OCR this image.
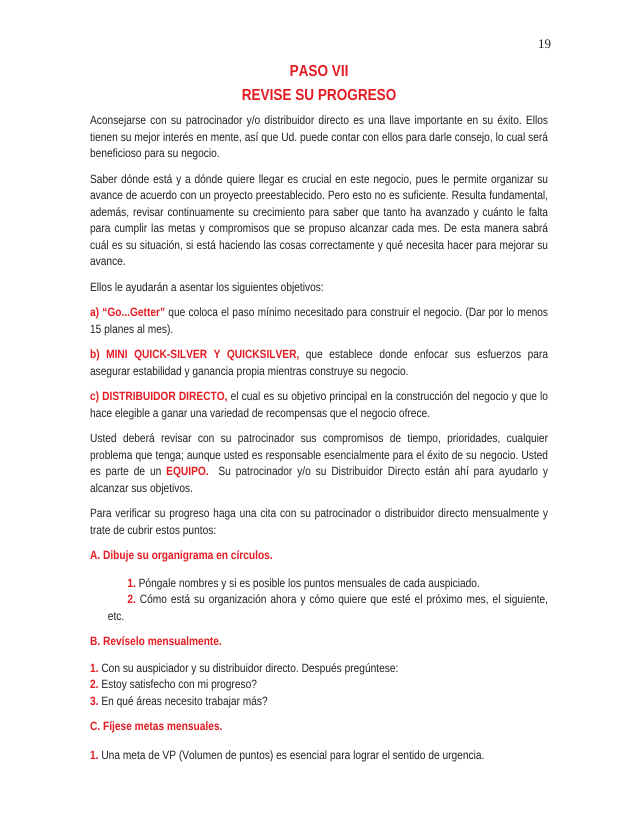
19
PASO VII
REVISE SU PROGRESO

Aconsejarse con su patrocinador y/o distribuidor directo es una llave importante en su éxito. Ellos tienen su mejor interés en mente, así que Ud. puede contar con ellos para darle consejo, lo cual será beneficioso para su negocio.

Saber dónde está y a dónde quiere llegar es crucial en este negocio, pues le permite organizar su avance de acuerdo con un proyecto preestablecido. Pero esto no es suficiente. Resulta fundamental, además, revisar continuamente su crecimiento para saber que tanto ha avanzado y cuánto le falta para cumplir las metas y compromisos que se propuso alcanzar cada mes. De esta manera sabrá cuál es su situación, si está haciendo las cosas correctamente y qué necesita hacer para mejorar su avance.

Ellos le ayudarán a asentar los siguientes objetivos:

a) “Go...Getter” que coloca el paso mínimo necesitado para construir el negocio. (Dar por lo menos 15 planes al mes).

b) MINI QUICK-SILVER Y QUICKSILVER, que establece donde enfocar sus esfuerzos para asegurar estabilidad y ganancia propia mientras construye su negocio.

c) DISTRIBUIDOR DIRECTO, el cual es su objetivo principal en la construcción del negocio y que lo hace elegible a ganar una variedad de recompensas que el negocio ofrece.

Usted deberá revisar con su patrocinador sus compromisos de tiempo, prioridades, cualquier problema que tenga; aunque usted es responsable esencialmente para el éxito de su negocio. Usted es parte de un EQUIPO. Su patrocinador y/o su Distribuidor Directo están ahí para ayudarlo y alcanzar sus objetivos.

Para verificar su progreso haga una cita con su patrocinador o distribuidor directo mensualmente y trate de cubrir estos puntos:

A. Dibuje su organigrama en círculos.

1. Póngale nombres y si es posible los puntos mensuales de cada auspiciado.

2. Cómo está su organización ahora y cómo quiere que esté el próximo mes, el siguiente, etc.

B. Revíselo mensualmente.

1. Con su auspiciador y su distribuidor directo. Después pregúntese:

2. Estoy satisfecho con mi progreso?

3. En qué áreas necesito trabajar más?

C. Fíjese metas mensuales.

1. Una meta de VP (Volumen de puntos) es esencial para lograr el sentido de urgencia.
